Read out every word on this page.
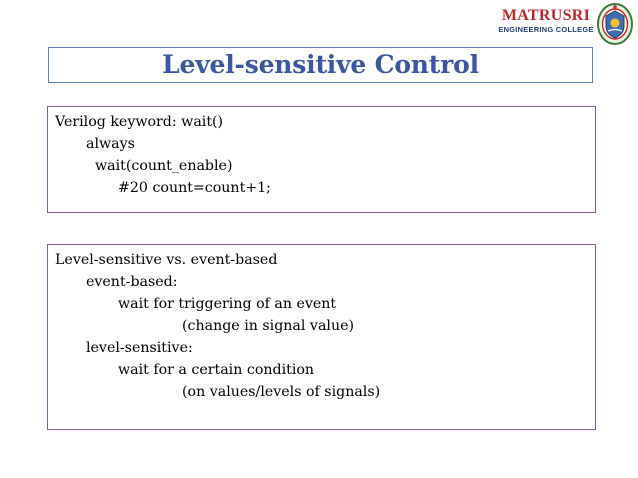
MATRUSRI
ENGINEERING COLLEGE
Level-sensitive Control
Verilog keyword: wait()
always
wait(count_enable)
#20 count=count+1;
Level-sensitive vs. event-based
event-based:
wait for triggering of an event
(change in signal value)
level-sensitive:
wait for a certain condition
(on values/levels of signals)
